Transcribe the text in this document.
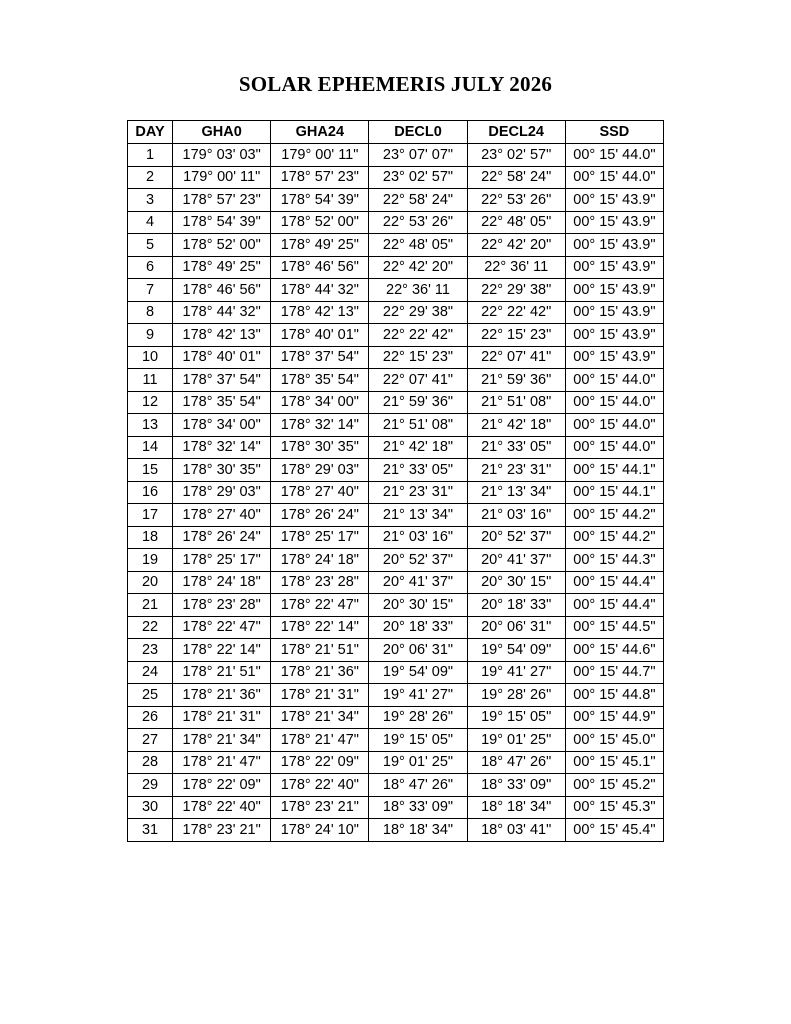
SOLAR EPHEMERIS JULY 2026
DAY	GHA0	GHA24	DECL0	DECL24	SSD
1	179° 03' 03"	179° 00' 11"	23° 07' 07"	23° 02' 57"	00° 15' 44.0"
2	179° 00' 11"	178° 57' 23"	23° 02' 57"	22° 58' 24"	00° 15' 44.0"
3	178° 57' 23"	178° 54' 39"	22° 58' 24"	22° 53' 26"	00° 15' 43.9"
4	178° 54' 39"	178° 52' 00"	22° 53' 26"	22° 48' 05"	00° 15' 43.9"
5	178° 52' 00"	178° 49' 25"	22° 48' 05"	22° 42' 20"	00° 15' 43.9"
6	178° 49' 25"	178° 46' 56"	22° 42' 20"	22° 36' 11	00° 15' 43.9"
7	178° 46' 56"	178° 44' 32"	22° 36' 11	22° 29' 38"	00° 15' 43.9"
8	178° 44' 32"	178° 42' 13"	22° 29' 38"	22° 22' 42"	00° 15' 43.9"
9	178° 42' 13"	178° 40' 01"	22° 22' 42"	22° 15' 23"	00° 15' 43.9"
10	178° 40' 01"	178° 37' 54"	22° 15' 23"	22° 07' 41"	00° 15' 43.9"
11	178° 37' 54"	178° 35' 54"	22° 07' 41"	21° 59' 36"	00° 15' 44.0"
12	178° 35' 54"	178° 34' 00"	21° 59' 36"	21° 51' 08"	00° 15' 44.0"
13	178° 34' 00"	178° 32' 14"	21° 51' 08"	21° 42' 18"	00° 15' 44.0"
14	178° 32' 14"	178° 30' 35"	21° 42' 18"	21° 33' 05"	00° 15' 44.0"
15	178° 30' 35"	178° 29' 03"	21° 33' 05"	21° 23' 31"	00° 15' 44.1"
16	178° 29' 03"	178° 27' 40"	21° 23' 31"	21° 13' 34"	00° 15' 44.1"
17	178° 27' 40"	178° 26' 24"	21° 13' 34"	21° 03' 16"	00° 15' 44.2"
18	178° 26' 24"	178° 25' 17"	21° 03' 16"	20° 52' 37"	00° 15' 44.2"
19	178° 25' 17"	178° 24' 18"	20° 52' 37"	20° 41' 37"	00° 15' 44.3"
20	178° 24' 18"	178° 23' 28"	20° 41' 37"	20° 30' 15"	00° 15' 44.4"
21	178° 23' 28"	178° 22' 47"	20° 30' 15"	20° 18' 33"	00° 15' 44.4"
22	178° 22' 47"	178° 22' 14"	20° 18' 33"	20° 06' 31"	00° 15' 44.5"
23	178° 22' 14"	178° 21' 51"	20° 06' 31"	19° 54' 09"	00° 15' 44.6"
24	178° 21' 51"	178° 21' 36"	19° 54' 09"	19° 41' 27"	00° 15' 44.7"
25	178° 21' 36"	178° 21' 31"	19° 41' 27"	19° 28' 26"	00° 15' 44.8"
26	178° 21' 31"	178° 21' 34"	19° 28' 26"	19° 15' 05"	00° 15' 44.9"
27	178° 21' 34"	178° 21' 47"	19° 15' 05"	19° 01' 25"	00° 15' 45.0"
28	178° 21' 47"	178° 22' 09"	19° 01' 25"	18° 47' 26"	00° 15' 45.1"
29	178° 22' 09"	178° 22' 40"	18° 47' 26"	18° 33' 09"	00° 15' 45.2"
30	178° 22' 40"	178° 23' 21"	18° 33' 09"	18° 18' 34"	00° 15' 45.3"
31	178° 23' 21"	178° 24' 10"	18° 18' 34"	18° 03' 41"	00° 15' 45.4"
